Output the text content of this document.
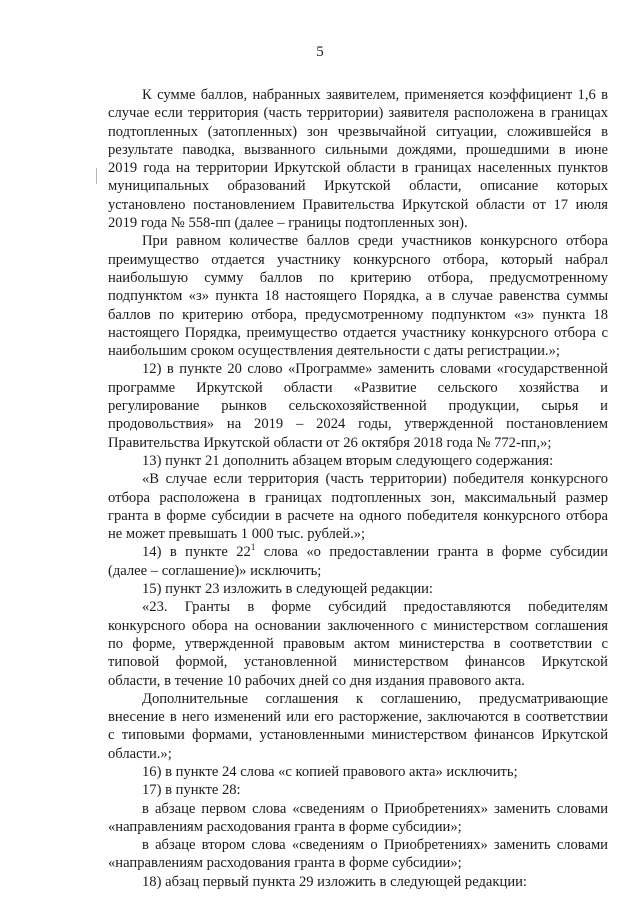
5
К сумме баллов, набранных заявителем, применяется коэффициент 1,6 в
случае если территория (часть территории) заявителя расположена в границах
подтопленных (затопленных) зон чрезвычайной ситуации, сложившейся в
результате паводка, вызванного сильными дождями, прошедшими в июне
2019 года на территории Иркутской области в границах населенных пунктов
муниципальных образований Иркутской области, описание которых
установлено постановлением Правительства Иркутской области от 17 июля
2019 года № 558-пп (далее – границы подтопленных зон).
При равном количестве баллов среди участников конкурсного отбора
преимущество отдается участнику конкурсного отбора, который набрал
наибольшую сумму баллов по критерию отбора, предусмотренному
подпунктом «з» пункта 18 настоящего Порядка, а в случае равенства суммы
баллов по критерию отбора, предусмотренному подпунктом «з» пункта 18
настоящего Порядка, преимущество отдается участнику конкурсного отбора с
наибольшим сроком осуществления деятельности с даты регистрации.»;
12) в пункте 20 слово «Программе» заменить словами «государственной
программе Иркутской области «Развитие сельского хозяйства и
регулирование рынков сельскохозяйственной продукции, сырья и
продовольствия» на 2019 – 2024 годы, утвержденной постановлением
Правительства Иркутской области от 26 октября 2018 года № 772-пп,»;
13) пункт 21 дополнить абзацем вторым следующего содержания:
«В случае если территория (часть территории) победителя конкурсного
отбора расположена в границах подтопленных зон, максимальный размер
гранта в форме субсидии в расчете на одного победителя конкурсного отбора
не может превышать 1 000 тыс. рублей.»;
14) в пункте $22^1$ слова «о предоставлении гранта в форме субсидии
(далее – соглашение)» исключить;
15) пункт 23 изложить в следующей редакции:
«23. Гранты в форме субсидий предоставляются победителям
конкурсного обора на основании заключенного с министерством соглашения
по форме, утвержденной правовым актом министерства в соответствии с
типовой формой, установленной министерством финансов Иркутской
области, в течение 10 рабочих дней со дня издания правового акта.
Дополнительные соглашения к соглашению, предусматривающие
внесение в него изменений или его расторжение, заключаются в соответствии
с типовыми формами, установленными министерством финансов Иркутской
области.»;
16) в пункте 24 слова «с копией правового акта» исключить;
17) в пункте 28:
в абзаце первом слова «сведениям о Приобретениях» заменить словами
«направлениям расходования гранта в форме субсидии»;
в абзаце втором слова «сведениям о Приобретениях» заменить словами
«направлениям расходования гранта в форме субсидии»;
18) абзац первый пункта 29 изложить в следующей редакции:
